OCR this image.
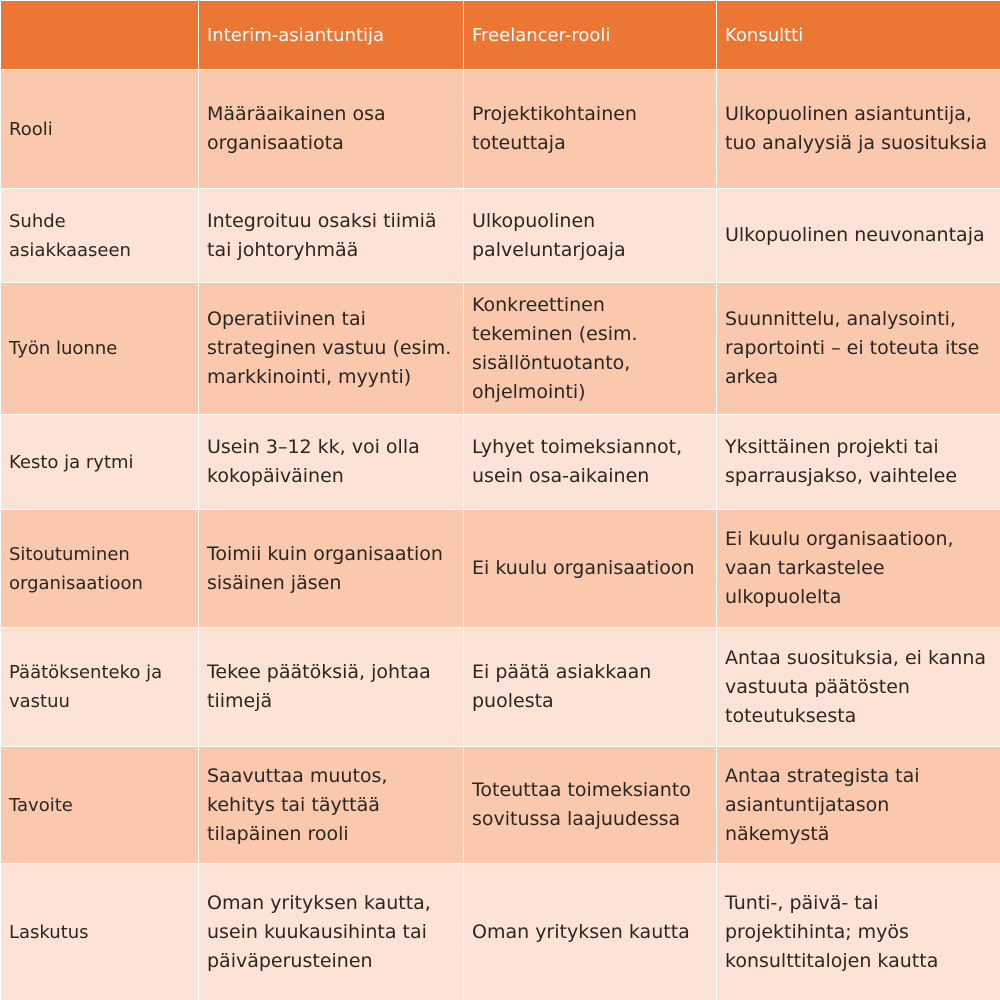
	Interim-asiantuntija	Freelancer-rooli	Konsultti
Rooli	Määräaikainen osa organisaatiota	Projektikohtainen toteuttaja	Ulkopuolinen asiantuntija, tuo analyysiä ja suosituksia
Suhde asiakkaaseen	Integroituu osaksi tiimiä tai johtoryhmää	Ulkopuolinen palveluntarjoaja	Ulkopuolinen neuvonantaja
Työn luonne	Operatiivinen tai strateginen vastuu (esim. markkinointi, myynti)	Konkreettinen tekeminen (esim. sisällöntuotanto, ohjelmointi)	Suunnittelu, analysointi, raportointi – ei toteuta itse arkea
Kesto ja rytmi	Usein 3–12 kk, voi olla kokopäiväinen	Lyhyet toimeksiannot, usein osa-aikainen	Yksittäinen projekti tai sparrausjakso, vaihtelee
Sitoutuminen organisaatioon	Toimii kuin organisaation sisäinen jäsen	Ei kuulu organisaatioon	Ei kuulu organisaatioon, vaan tarkastelee ulkopuolelta
Päätöksenteko ja vastuu	Tekee päätöksiä, johtaa tiimejä	Ei päätä asiakkaan puolesta	Antaa suosituksia, ei kanna vastuuta päätösten toteutuksesta
Tavoite	Saavuttaa muutos, kehitys tai täyttää tilapäinen rooli	Toteuttaa toimeksianto sovitussa laajuudessa	Antaa strategista tai asiantuntijatason näkemystä
Laskutus	Oman yrityksen kautta, usein kuukausihinta tai päiväperusteinen	Oman yrityksen kautta	Tunti-, päivä- tai projektihinta; myös konsulttitalojen kautta
